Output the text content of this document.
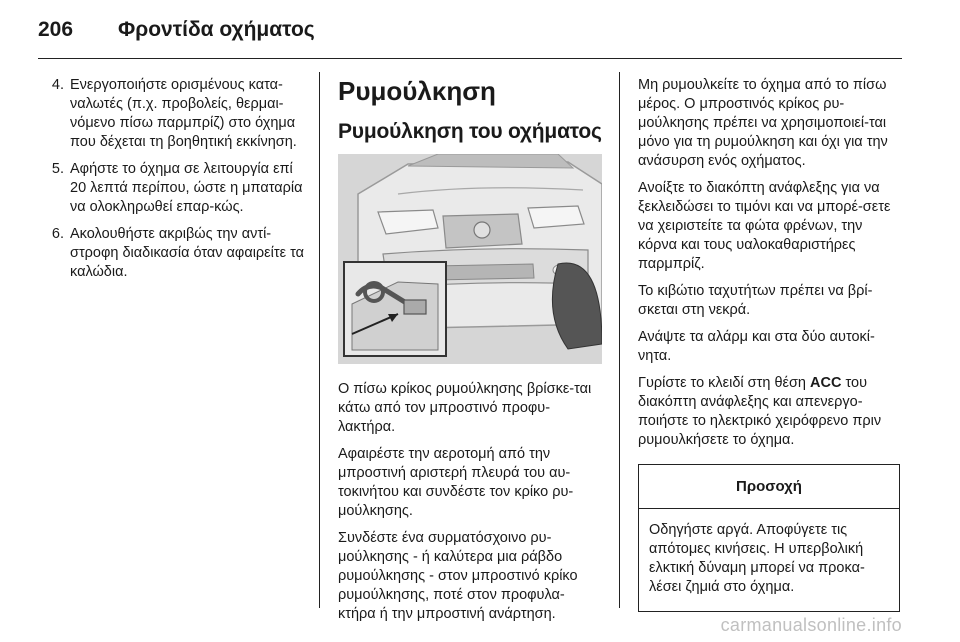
206	Φροντίδα οχήματος
4. Ενεργοποιήστε ορισμένους κατα-ναλωτές (π.χ. προβολείς, θερμαι-νόμενο πίσω παρμπρίζ) στο όχημα που δέχεται τη βοηθητική εκκίνηση.
5. Αφήστε το όχημα σε λειτουργία επί 20 λεπτά περίπου, ώστε η μπαταρία να ολοκληρωθεί επαρ-κώς.
6. Ακολουθήστε ακριβώς την αντί-στροφη διαδικασία όταν αφαιρείτε τα καλώδια.
Ρυμούλκηση
Ρυμούλκηση του οχήματος

Ο πίσω κρίκος ρυμούλκησης βρίσκε-ται κάτω από τον μπροστινό προφυ-λακτήρα.

Αφαιρέστε την αεροτομή από την μπροστινή αριστερή πλευρά του αυ-τοκινήτου και συνδέστε τον κρίκο ρυ-μούλκησης.

Συνδέστε ένα συρματόσχοινο ρυ-μούλκησης - ή καλύτερα μια ράβδο ρυμούλκησης - στον μπροστινό κρίκο ρυμούλκησης, ποτέ στον προφυλα-κτήρα ή την μπροστινή ανάρτηση.

Μη ρυμουλκείτε το όχημα από το πίσω μέρος. Ο μπροστινός κρίκος ρυ-μούλκησης πρέπει να χρησιμοποιεί-ται μόνο για τη ρυμούλκηση και όχι για την ανάσυρση ενός οχήματος.

Ανοίξτε το διακόπτη ανάφλεξης για να ξεκλειδώσει το τιμόνι και να μπορέ-σετε να χειριστείτε τα φώτα φρένων, την κόρνα και τους υαλοκαθαριστήρες παρμπρίζ.

Το κιβώτιο ταχυτήτων πρέπει να βρί-σκεται στη νεκρά.

Ανάψτε τα αλάρμ και στα δύο αυτοκί-νητα.

Γυρίστε το κλειδί στη θέση ACC του διακόπτη ανάφλεξης και απενεργο-ποιήστε το ηλεκτρικό χειρόφρενο πριν ρυμουλκήσετε το όχημα.

Προσοχή
Οδηγήστε αργά. Αποφύγετε τις απότομες κινήσεις. Η υπερβολική ελκτική δύναμη μπορεί να προκα-λέσει ζημιά στο όχημα.
carmanualsonline.info
